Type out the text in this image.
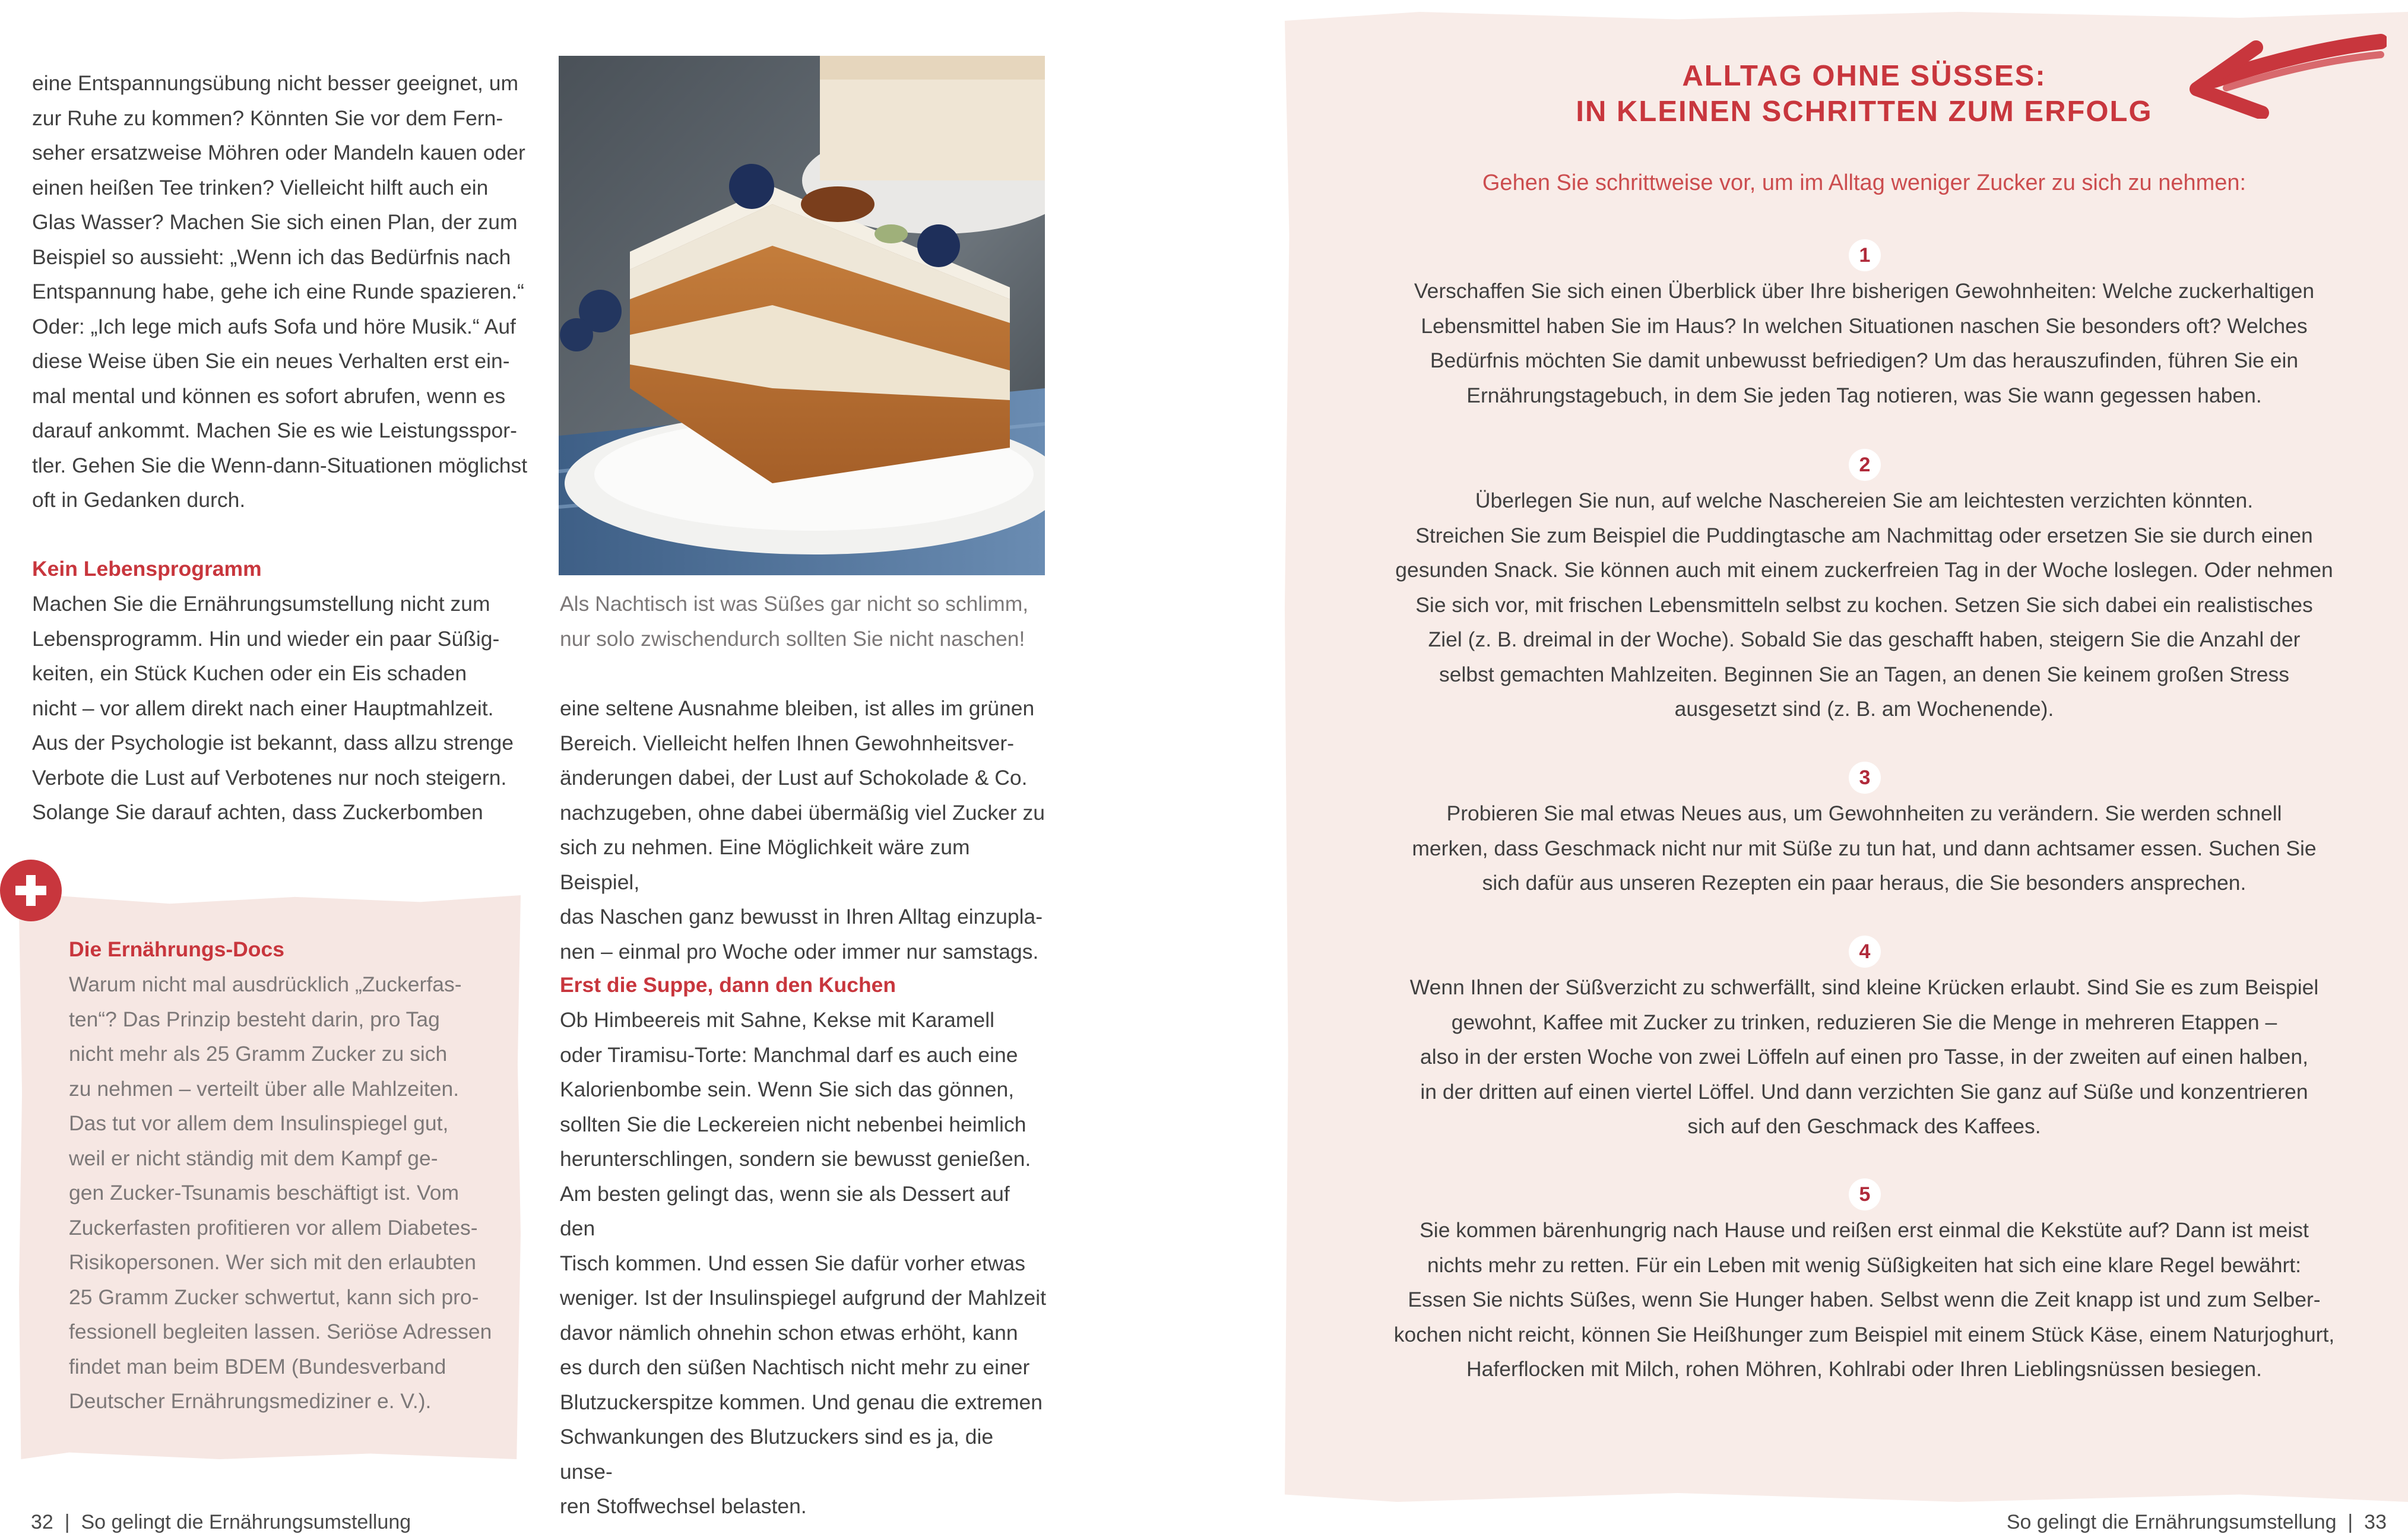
eine Entspannungsübung nicht besser geeignet, um
zur Ruhe zu kommen? Könnten Sie vor dem Fern-
seher ersatzweise Möhren oder Mandeln kauen oder
einen heißen Tee trinken? Vielleicht hilft auch ein
Glas Wasser? Machen Sie sich einen Plan, der zum
Beispiel so aussieht: „Wenn ich das Bedürfnis nach
Entspannung habe, gehe ich eine Runde spazieren.“
Oder: „Ich lege mich aufs Sofa und höre Musik.“ Auf
diese Weise üben Sie ein neues Verhalten erst ein-
mal mental und können es sofort abrufen, wenn es
darauf ankommt. Machen Sie es wie Leistungsspor-
tler. Gehen Sie die Wenn-dann-Situationen möglichst
oft in Gedanken durch.

Kein Lebensprogramm

Machen Sie die Ernährungsumstellung nicht zum
Lebensprogramm. Hin und wieder ein paar Süßig-
keiten, ein Stück Kuchen oder ein Eis schaden
nicht – vor allem direkt nach einer Hauptmahlzeit.
Aus der Psychologie ist bekannt, dass allzu strenge
Verbote die Lust auf Verbotenes nur noch steigern.
Solange Sie darauf achten, dass Zuckerbomben

Die Ernährungs-Docs

Warum nicht mal ausdrücklich „Zuckerfas-
ten“? Das Prinzip besteht darin, pro Tag
nicht mehr als 25 Gramm Zucker zu sich
zu nehmen – verteilt über alle Mahlzeiten.
Das tut vor allem dem Insulinspiegel gut,
weil er nicht ständig mit dem Kampf ge-
gen Zucker-Tsunamis beschäftigt ist. Vom
Zuckerfasten profitieren vor allem Diabetes-
Risikopersonen. Wer sich mit den erlaubten
25 Gramm Zucker schwertut, kann sich pro-
fessionell begleiten lassen. Seriöse Adressen
findet man beim BDEM (Bundesverband
Deutscher Ernährungsmediziner e. V.).

Als Nachtisch ist was Süßes gar nicht so schlimm,
nur solo zwischendurch sollten Sie nicht naschen!

eine seltene Ausnahme bleiben, ist alles im grünen
Bereich. Vielleicht helfen Ihnen Gewohnheitsver-
änderungen dabei, der Lust auf Schokolade & Co.
nachzugeben, ohne dabei übermäßig viel Zucker zu
sich zu nehmen. Eine Möglichkeit wäre zum Beispiel,
das Naschen ganz bewusst in Ihren Alltag einzupla-
nen – einmal pro Woche oder immer nur samstags.

Erst die Suppe, dann den Kuchen

Ob Himbeereis mit Sahne, Kekse mit Karamell
oder Tiramisu-Torte: Manchmal darf es auch eine
Kalorienbombe sein. Wenn Sie sich das gönnen,
sollten Sie die Leckereien nicht nebenbei heimlich
herunterschlingen, sondern sie bewusst genießen.
Am besten gelingt das, wenn sie als Dessert auf den
Tisch kommen. Und essen Sie dafür vorher etwas
weniger. Ist der Insulinspiegel aufgrund der Mahlzeit
davor nämlich ohnehin schon etwas erhöht, kann
es durch den süßen Nachtisch nicht mehr zu einer
Blutzuckerspitze kommen. Und genau die extremen
Schwankungen des Blutzuckers sind es ja, die unse-
ren Stoffwechsel belasten.

32 | So gelingt die Ernährungsumstellung

ALLTAG OHNE SÜSSES:

IN KLEINEN SCHRITTEN ZUM ERFOLG

Gehen Sie schrittweise vor, um im Alltag weniger Zucker zu sich zu nehmen:

1

Verschaffen Sie sich einen Überblick über Ihre bisherigen Gewohnheiten: Welche zuckerhaltigen
Lebensmittel haben Sie im Haus? In welchen Situationen naschen Sie besonders oft? Welches
Bedürfnis möchten Sie damit unbewusst befriedigen? Um das herauszufinden, führen Sie ein
Ernährungstagebuch, in dem Sie jeden Tag notieren, was Sie wann gegessen haben.

2

Überlegen Sie nun, auf welche Naschereien Sie am leichtesten verzichten könnten.
Streichen Sie zum Beispiel die Puddingtasche am Nachmittag oder ersetzen Sie sie durch einen
gesunden Snack. Sie können auch mit einem zuckerfreien Tag in der Woche loslegen. Oder nehmen
Sie sich vor, mit frischen Lebensmitteln selbst zu kochen. Setzen Sie sich dabei ein realistisches
Ziel (z. B. dreimal in der Woche). Sobald Sie das geschafft haben, steigern Sie die Anzahl der
selbst gemachten Mahlzeiten. Beginnen Sie an Tagen, an denen Sie keinem großen Stress
ausgesetzt sind (z. B. am Wochenende).

3

Probieren Sie mal etwas Neues aus, um Gewohnheiten zu verändern. Sie werden schnell
merken, dass Geschmack nicht nur mit Süße zu tun hat, und dann achtsamer essen. Suchen Sie
sich dafür aus unseren Rezepten ein paar heraus, die Sie besonders ansprechen.

4

Wenn Ihnen der Süßverzicht zu schwerfällt, sind kleine Krücken erlaubt. Sind Sie es zum Beispiel
gewohnt, Kaffee mit Zucker zu trinken, reduzieren Sie die Menge in mehreren Etappen –
also in der ersten Woche von zwei Löffeln auf einen pro Tasse, in der zweiten auf einen halben,
in der dritten auf einen viertel Löffel. Und dann verzichten Sie ganz auf Süße und konzentrieren
sich auf den Geschmack des Kaffees.

5

Sie kommen bärenhungrig nach Hause und reißen erst einmal die Kekstüte auf? Dann ist meist
nichts mehr zu retten. Für ein Leben mit wenig Süßigkeiten hat sich eine klare Regel bewährt:
Essen Sie nichts Süßes, wenn Sie Hunger haben. Selbst wenn die Zeit knapp ist und zum Selber-
kochen nicht reicht, können Sie Heißhunger zum Beispiel mit einem Stück Käse, einem Naturjoghurt,
Haferflocken mit Milch, rohen Möhren, Kohlrabi oder Ihren Lieblingsnüssen besiegen.

So gelingt die Ernährungsumstellung | 33
